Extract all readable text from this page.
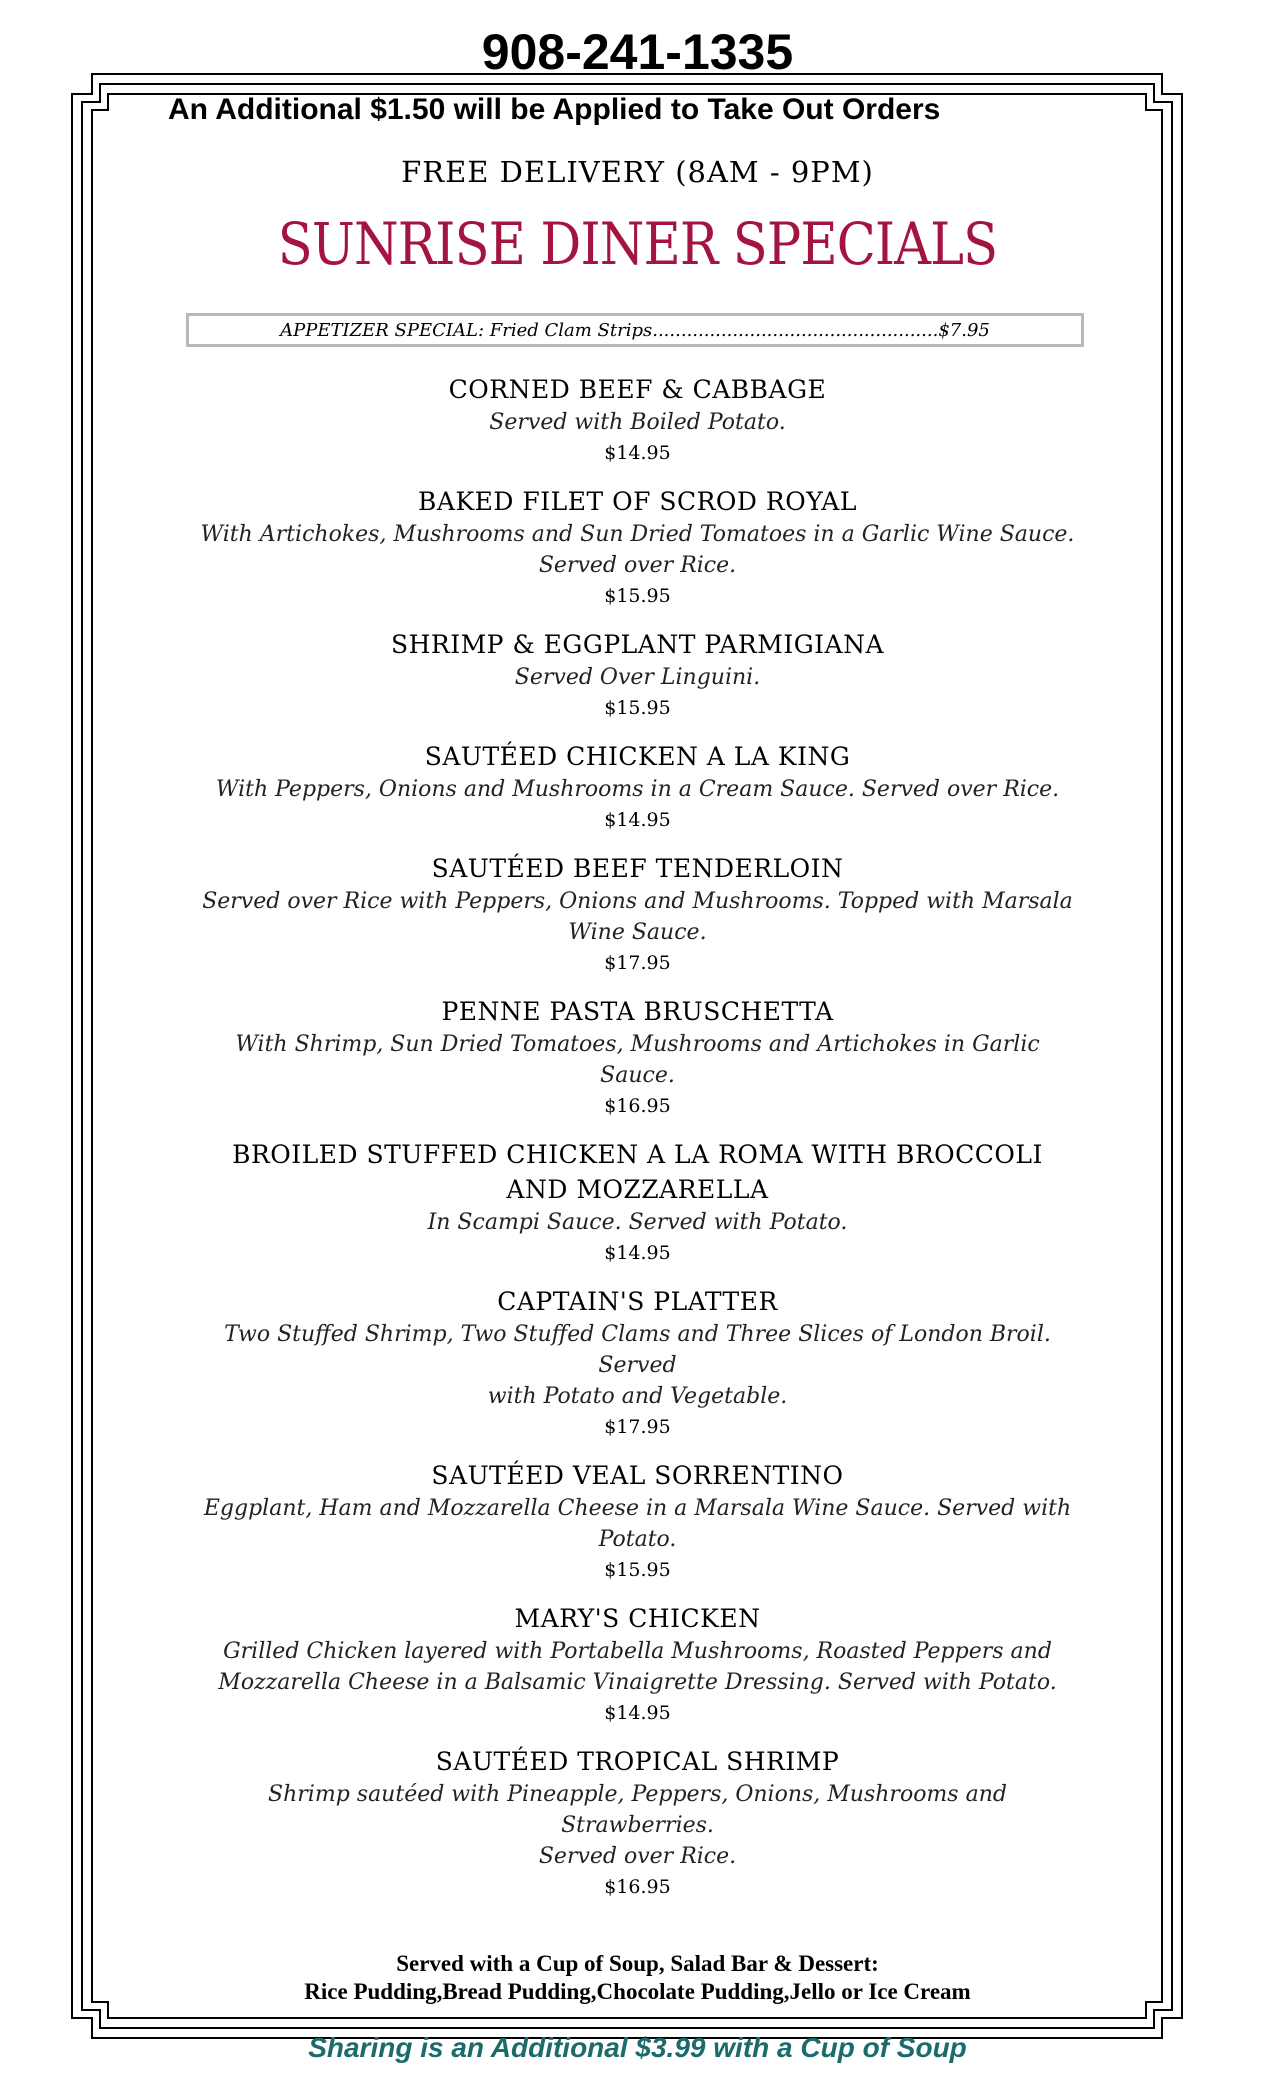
908-241-1335
An Additional $1.50 will be Applied to Take Out Orders
FREE DELIVERY (8AM - 9PM)
SUNRISE DINER SPECIALS
APPETIZER SPECIAL: Fried Clam Strips .................................................. $7.95
CORNED BEEF & CABBAGE
Served with Boiled Potato.
$14.95
BAKED FILET OF SCROD ROYAL
With Artichokes, Mushrooms and Sun Dried Tomatoes in a Garlic Wine Sauce.
Served over Rice.
$15.95
SHRIMP & EGGPLANT PARMIGIANA
Served Over Linguini.
$15.95
SAUTÉED CHICKEN A LA KING
With Peppers, Onions and Mushrooms in a Cream Sauce. Served over Rice.
$14.95
SAUTÉED BEEF TENDERLOIN
Served over Rice with Peppers, Onions and Mushrooms. Topped with Marsala
Wine Sauce.
$17.95
PENNE PASTA BRUSCHETTA
With Shrimp, Sun Dried Tomatoes, Mushrooms and Artichokes in Garlic Sauce.
$16.95
BROILED STUFFED CHICKEN A LA ROMA WITH BROCCOLI AND MOZZARELLA
In Scampi Sauce. Served with Potato.
$14.95
CAPTAIN'S PLATTER
Two Stuffed Shrimp, Two Stuffed Clams and Three Slices of London Broil. Served
with Potato and Vegetable.
$17.95
SAUTÉED VEAL SORRENTINO
Eggplant, Ham and Mozzarella Cheese in a Marsala Wine Sauce. Served with
Potato.
$15.95
MARY'S CHICKEN
Grilled Chicken layered with Portabella Mushrooms, Roasted Peppers and
Mozzarella Cheese in a Balsamic Vinaigrette Dressing. Served with Potato.
$14.95
SAUTÉED TROPICAL SHRIMP
Shrimp sautéed with Pineapple, Peppers, Onions, Mushrooms and Strawberries.
Served over Rice.
$16.95
Served with a Cup of Soup, Salad Bar & Dessert:
Rice Pudding,Bread Pudding,Chocolate Pudding,Jello or Ice Cream
Sharing is an Additional $3.99 with a Cup of Soup
